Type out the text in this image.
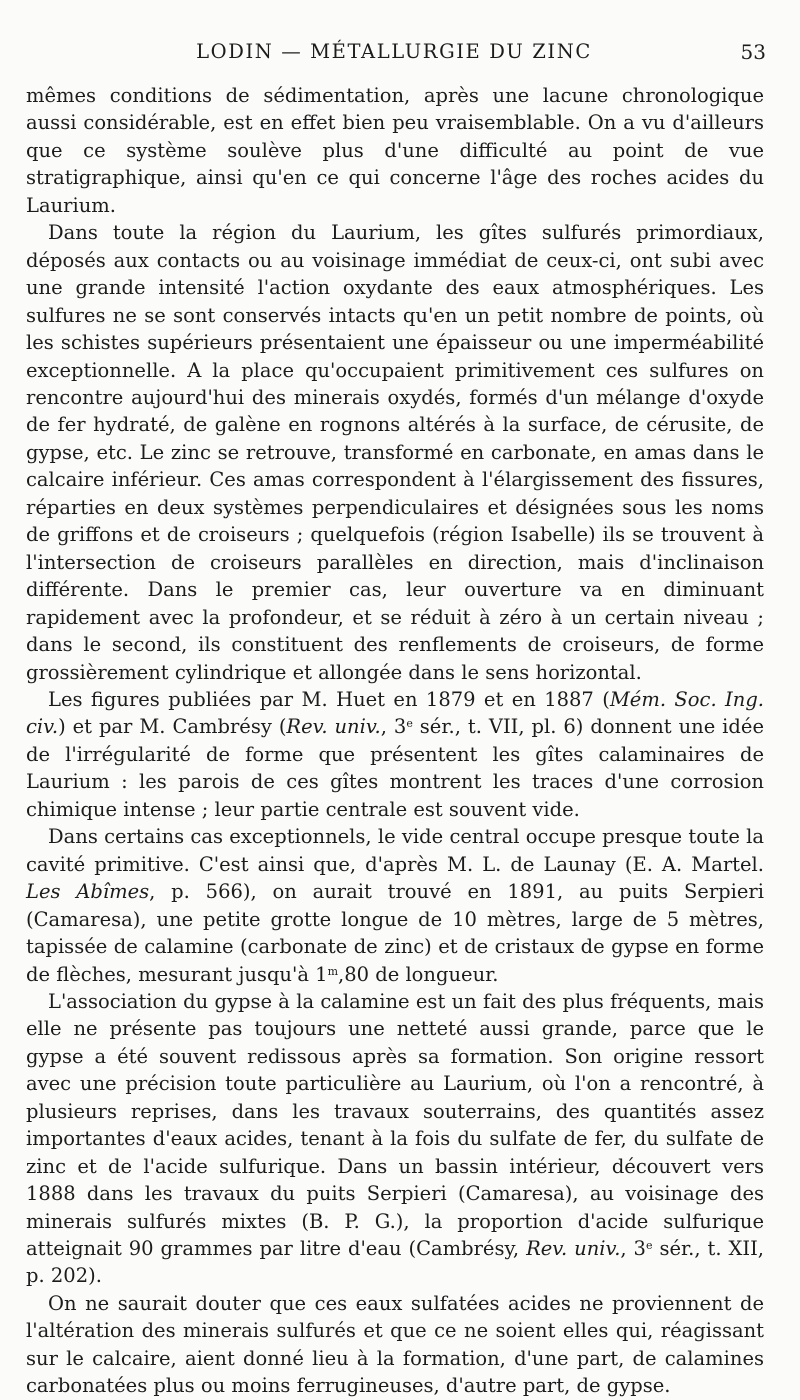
LODIN — MÉTALLURGIE DU ZINC	53

mêmes conditions de sédimentation, après une lacune chronologique aussi considérable, est en effet bien peu vraisemblable. On a vu d'ailleurs que ce système soulève plus d'une difficulté au point de vue stratigraphique, ainsi qu'en ce qui concerne l'âge des roches acides du Laurium.

Dans toute la région du Laurium, les gîtes sulfurés primordiaux, déposés aux contacts ou au voisinage immédiat de ceux-ci, ont subi avec une grande intensité l'action oxydante des eaux atmosphériques. Les sulfures ne se sont conservés intacts qu'en un petit nombre de points, où les schistes supérieurs présentaient une épaisseur ou une imperméabilité exceptionnelle. A la place qu'occupaient primitivement ces sulfures on rencontre aujourd'hui des minerais oxydés, formés d'un mélange d'oxyde de fer hydraté, de galène en rognons altérés à la surface, de cérusite, de gypse, etc. Le zinc se retrouve, transformé en carbonate, en amas dans le calcaire inférieur. Ces amas correspondent à l'élargissement des fissures, réparties en deux systèmes perpendiculaires et désignées sous les noms de griffons et de croiseurs ; quelquefois (région Isabelle) ils se trouvent à l'intersection de croiseurs parallèles en direction, mais d'inclinaison différente. Dans le premier cas, leur ouverture va en diminuant rapidement avec la profondeur, et se réduit à zéro à un certain niveau ; dans le second, ils constituent des renflements de croiseurs, de forme grossièrement cylindrique et allongée dans le sens horizontal.

Les figures publiées par M. Huet en 1879 et en 1887 (Mém. Soc. Ing. civ.) et par M. Cambrésy (Rev. univ., 3e sér., t. VII, pl. 6) donnent une idée de l'irrégularité de forme que présentent les gîtes calaminaires de Laurium : les parois de ces gîtes montrent les traces d'une corrosion chimique intense ; leur partie centrale est souvent vide.

Dans certains cas exceptionnels, le vide central occupe presque toute la cavité primitive. C'est ainsi que, d'après M. L. de Launay (E. A. Martel. Les Abîmes, p. 566), on aurait trouvé en 1891, au puits Serpieri (Camaresa), une petite grotte longue de 10 mètres, large de 5 mètres, tapissée de calamine (carbonate de zinc) et de cristaux de gypse en forme de flèches, mesurant jusqu'à 1$^m$,80 de longueur.

L'association du gypse à la calamine est un fait des plus fréquents, mais elle ne présente pas toujours une netteté aussi grande, parce que le gypse a été souvent redissous après sa formation. Son origine ressort avec une précision toute particulière au Laurium, où l'on a rencontré, à plusieurs reprises, dans les travaux souterrains, des quantités assez importantes d'eaux acides, tenant à la fois du sulfate de fer, du sulfate de zinc et de l'acide sulfurique. Dans un bassin intérieur, découvert vers 1888 dans les travaux du puits Serpieri (Camaresa), au voisinage des minerais sulfurés mixtes (B. P. G.), la proportion d'acide sulfurique atteignait 90 grammes par litre d'eau (Cambrésy, Rev. univ., 3e sér., t. XII, p. 202).

On ne saurait douter que ces eaux sulfatées acides ne proviennent de l'altération des minerais sulfurés et que ce ne soient elles qui, réagissant sur le calcaire, aient donné lieu à la formation, d'une part, de calamines carbonatées plus ou moins ferrugineuses, d'autre part, de gypse.
